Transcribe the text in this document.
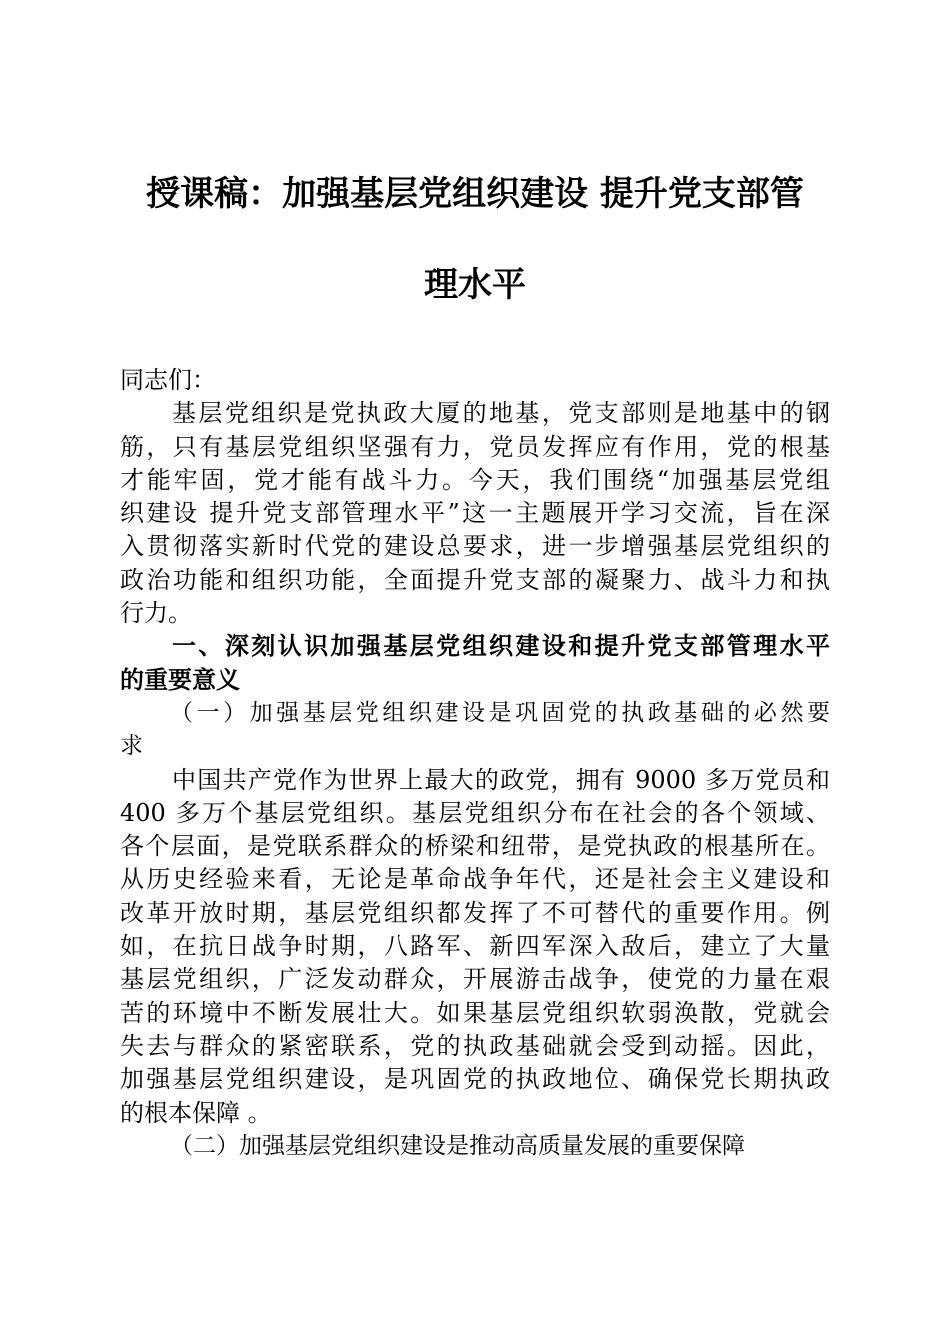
授课稿：加强基层党组织建设 提升党支部管
理水平
同志们：
基层党组织是党执政大厦的地基，党支部则是地基中的钢
筋，只有基层党组织坚强有力，党员发挥应有作用，党的根基
才能牢固，党才能有战斗力。今天，我们围绕“加强基层党组
织建设 提升党支部管理水平”这一主题展开学习交流，旨在深
入贯彻落实新时代党的建设总要求，进一步增强基层党组织的
政治功能和组织功能，全面提升党支部的凝聚力、战斗力和执
行力。
一、深刻认识加强基层党组织建设和提升党支部管理水平
的重要意义
（一）加强基层党组织建设是巩固党的执政基础的必然要
求
中国共产党作为世界上最大的政党，拥有 9000 多万党员和
400 多万个基层党组织。基层党组织分布在社会的各个领域、
各个层面，是党联系群众的桥梁和纽带，是党执政的根基所在。
从历史经验来看，无论是革命战争年代，还是社会主义建设和
改革开放时期，基层党组织都发挥了不可替代的重要作用。例
如，在抗日战争时期，八路军、新四军深入敌后，建立了大量
基层党组织，广泛发动群众，开展游击战争，使党的力量在艰
苦的环境中不断发展壮大。如果基层党组织软弱涣散，党就会
失去与群众的紧密联系，党的执政基础就会受到动摇。因此，
加强基层党组织建设，是巩固党的执政地位、确保党长期执政
的根本保障 。
（二）加强基层党组织建设是推动高质量发展的重要保障
